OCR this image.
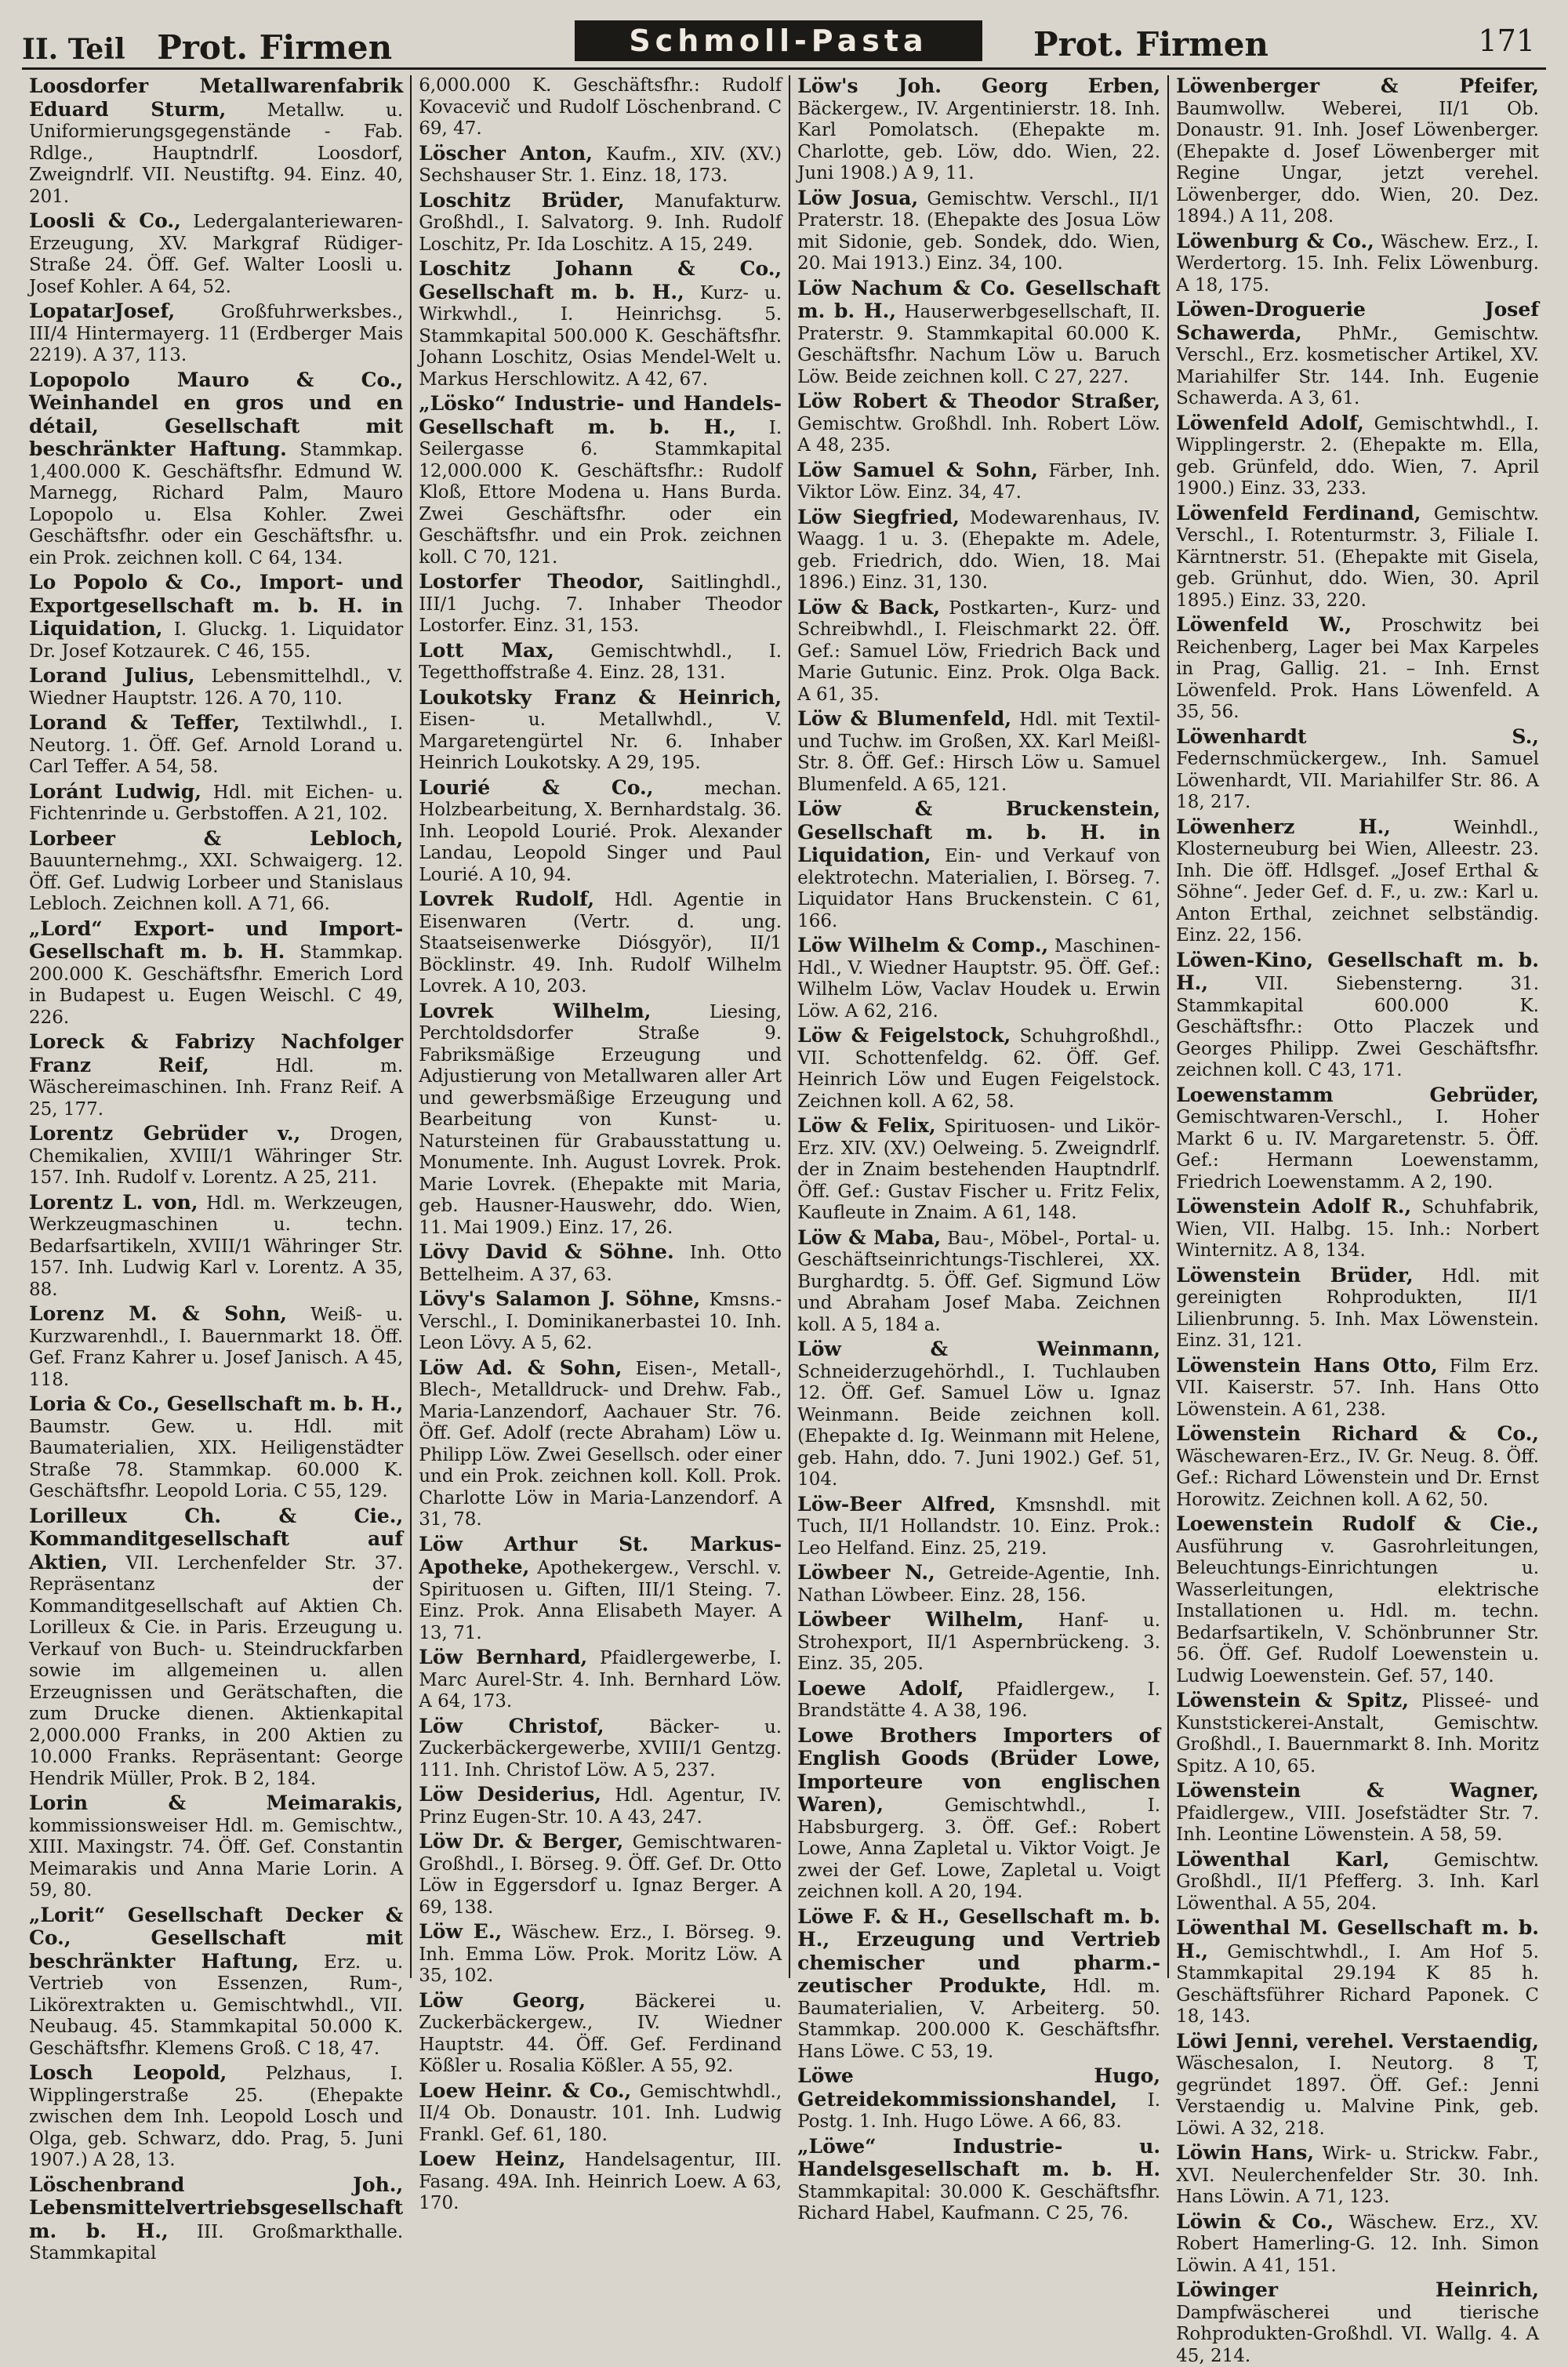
II. Teil Prot. Firmen	Schmoll-Pasta	Prot. Firmen	171

Loosdorfer Metallwarenfabrik Eduard Sturm, Metallw. u. Uniformierungsgegenstände - Fab. Rdlge., Hauptndrlf. Loosdorf, Zweigndrlf. VII. Neustiftg. 94. Einz. 40, 201.

Loosli & Co., Ledergalanteriewaren-Erzeugung, XV. Markgraf Rüdiger-Straße 24. Öff. Gef. Walter Loosli u. Josef Kohler. A 64, 52.

LopatarJosef,	Großfuhrwerksbes., III/4 Hintermayerg. 11 (Erdberger Mais 2219). A 37, 113.

Lopopolo Mauro & Co., Weinhandel en gros und en détail, Gesellschaft mit beschränkter Haftung. Stammkap. 1,400.000 K. Geschäftsfhr. Edmund W. Marnegg, Richard Palm, Mauro Lopopolo u. Elsa Kohler. Zwei Geschäftsfhr. oder ein Geschäftsfhr. u. ein Prok. zeichnen koll. C 64, 134.

Lo Popolo & Co., Import- und Exportgesellschaft m. b. H. in Liquidation, I. Gluckg. 1. Liquidator Dr. Josef Kotzaurek. C 46, 155.

Lorand Julius, Lebensmittelhdl., V. Wiedner Hauptstr. 126. A 70, 110.

Lorand & Teffer, Textilwhdl., I. Neutorg. 1. Öff. Gef. Arnold Lorand u. Carl Teffer. A 54, 58.

Loránt Ludwig, Hdl. mit Eichen- u. Fichtenrinde u. Gerbstoffen. A 21, 102.

Lorbeer & Lebloch, Bauunternehmg., XXI. Schwaigerg. 12. Öff. Gef. Ludwig Lorbeer und Stanislaus Lebloch. Zeichnen koll. A 71, 66.

„Lord“ Export- und Import-Gesellschaft m. b. H. Stammkap. 200.000 K. Geschäftsfhr. Emerich Lord in Budapest u. Eugen Weischl. C 49, 226.

Loreck & Fabrizy Nachfolger Franz Reif,	Hdl. m. Wäschereimaschinen. Inh. Franz Reif. A 25, 177.

Lorentz Gebrüder v., Drogen, Chemikalien, XVIII/1 Währinger Str. 157. Inh. Rudolf v. Lorentz. A 25, 211.

Lorentz L. von, Hdl. m. Werkzeugen, Werkzeugmaschinen u. techn. Bedarfsartikeln, XVIII/1 Währinger Str. 157. Inh. Ludwig Karl v. Lorentz. A 35, 88.

Lorenz M. & Sohn, Weiß- u. Kurzwarenhdl., I. Bauernmarkt 18. Öff. Gef. Franz Kahrer u. Josef Janisch. A 45, 118.

Loria & Co., Gesellschaft m. b. H., Baumstr. Gew. u. Hdl. mit Baumaterialien, XIX. Heiligenstädter Straße 78. Stammkap. 60.000 K. Geschäftsfhr. Leopold Loria. C 55, 129.

Lorilleux Ch. & Cie., Kommanditgesellschaft auf Aktien, VII. Lerchenfelder Str. 37. Repräsentanz der Kommanditgesellschaft auf Aktien Ch. Lorilleux & Cie. in Paris. Erzeugung u. Verkauf von Buch- u. Steindruckfarben sowie im allgemeinen u. allen Erzeugnissen und Gerätschaften, die zum Drucke dienen. Aktienkapital 2,000.000 Franks, in 200 Aktien zu 10.000 Franks. Repräsentant: George Hendrik Müller, Prok. B 2, 184.

Lorin & Meimarakis, kommissionsweiser Hdl. m. Gemischtw., XIII. Maxingstr. 74. Öff. Gef. Constantin Meimarakis und Anna Marie Lorin. A 59, 80.

„Lorit“ Gesellschaft Decker & Co., Gesellschaft mit beschränkter Haftung, Erz. u. Vertrieb von Essenzen, Rum-, Likörextrakten u. Gemischtwhdl., VII. Neubaug. 45. Stammkapital 50.000 K. Geschäftsfhr. Klemens Groß. C 18, 47.

Losch Leopold, Pelzhaus, I. Wipplingerstraße 25. (Ehepakte zwischen dem Inh. Leopold Losch und Olga, geb. Schwarz, ddo. Prag, 5. Juni 1907.) A 28, 13.

Löschenbrand Joh., Lebensmittelvertriebsgesellschaft m. b. H., III. Großmarkthalle. Stammkapital

6,000.000 K. Geschäftsfhr.: Rudolf Kovacevič und Rudolf Löschenbrand. C 69, 47.

Löscher Anton, Kaufm., XIV. (XV.) Sechshauser Str. 1. Einz. 18, 173.

Loschitz Brüder, Manufakturw. Großhdl., I. Salvatorg. 9. Inh. Rudolf Loschitz, Pr. Ida Loschitz. A 15, 249.

Loschitz Johann & Co., Gesellschaft m. b. H., Kurz- u. Wirkwhdl., I. Heinrichsg. 5. Stammkapital 500.000 K. Geschäftsfhr. Johann Loschitz, Osias Mendel-Welt u. Markus Herschlowitz. A 42, 67.

„Lösko“ Industrie- und Handels-Gesellschaft m. b. H., I. Seilergasse 6. Stammkapital 12,000.000 K. Geschäftsfhr.: Rudolf Kloß, Ettore Modena u. Hans Burda. Zwei Geschäftsfhr. oder ein Geschäftsfhr. und ein Prok. zeichnen koll. C 70, 121.

Lostorfer Theodor, Saitlinghdl., III/1 Juchg. 7. Inhaber Theodor Lostorfer. Einz. 31, 153.

Lott Max, Gemischtwhdl., I. Tegetthoffstraße 4. Einz. 28, 131.

Loukotsky Franz & Heinrich, Eisen- u. Metallwhdl., V. Margaretengürtel Nr. 6. Inhaber Heinrich Loukotsky. A 29, 195.

Lourié & Co.,	mechan. Holzbearbeitung, X. Bernhardstalg. 36. Inh. Leopold Lourié. Prok. Alexander Landau, Leopold Singer und Paul Lourié. A 10, 94.

Lovrek Rudolf, Hdl. Agentie in Eisenwaren (Vertr. d. ung. Staatseisenwerke Diósgyör), II/1 Böcklinstr. 49. Inh. Rudolf Wilhelm Lovrek. A 10, 203.

Lovrek Wilhelm,	Liesing, Perchtoldsdorfer Straße 9. Fabriksmäßige Erzeugung und Adjustierung von Metallwaren aller Art und gewerbsmäßige Erzeugung und Bearbeitung von Kunst- u. Natursteinen für Grabausstattung u. Monumente. Inh. August Lovrek. Prok. Marie Lovrek. (Ehepakte mit Maria, geb. Hausner-Hauswehr, ddo. Wien, 11. Mai 1909.) Einz. 17, 26.

Lövy David & Söhne. Inh. Otto Bettelheim. A 37, 63.

Lövy's Salamon J. Söhne, Kmsns.-Verschl., I. Dominikanerbastei 10. Inh. Leon Lövy. A 5, 62.

Löw Ad. & Sohn, Eisen-, Metall-, Blech-, Metalldruck- und Drehw. Fab., Maria-Lanzendorf, Aachauer Str. 76. Öff. Gef. Adolf (recte Abraham) Löw u. Philipp Löw. Zwei Gesellsch. oder einer und ein Prok. zeichnen koll. Koll. Prok. Charlotte Löw in Maria-Lanzendorf. A 31, 78.

Löw Arthur St. Markus-Apotheke, Apothekergew., Verschl. v. Spirituosen u. Giften, III/1 Steing. 7. Einz. Prok. Anna Elisabeth Mayer. A 13, 71.

Löw Bernhard, Pfaidlergewerbe, I. Marc Aurel-Str. 4. Inh. Bernhard Löw. A 64, 173.

Löw Christof, Bäcker- u. Zuckerbäckergewerbe, XVIII/1 Gentzg. 111. Inh. Christof Löw. A 5, 237.

Löw Desiderius, Hdl. Agentur, IV. Prinz Eugen-Str. 10. A 43, 247.

Löw Dr. & Berger, Gemischtwaren-Großhdl., I. Börseg. 9. Öff. Gef. Dr. Otto Löw in Eggersdorf u. Ignaz Berger. A 69, 138.

Löw E., Wäschew. Erz., I. Börseg. 9. Inh. Emma Löw. Prok. Moritz Löw. A 35, 102.

Löw Georg,	Bäckerei u. Zuckerbäckergew., IV. Wiedner Hauptstr. 44. Öff. Gef. Ferdinand Kößler u. Rosalia Kößler. A 55, 92.

Loew Heinr. & Co., Gemischtwhdl., II/4 Ob. Donaustr. 101. Inh. Ludwig Frankl. Gef. 61, 180.

Loew Heinz, Handelsagentur, III. Fasang. 49A. Inh. Heinrich Loew. A 63, 170.

Löw's Joh. Georg Erben, Bäckergew., IV. Argentinierstr. 18. Inh. Karl Pomolatsch. (Ehepakte m. Charlotte, geb. Löw, ddo. Wien, 22. Juni 1908.) A 9, 11.

Löw Josua, Gemischtw. Verschl., II/1 Praterstr. 18. (Ehepakte des Josua Löw mit Sidonie, geb. Sondek, ddo. Wien, 20. Mai 1913.) Einz. 34, 100.

Löw Nachum & Co. Gesellschaft m. b. H., Hauserwerbgesellschaft, II. Praterstr. 9. Stammkapital 60.000 K. Geschäftsfhr. Nachum Löw u. Baruch Löw. Beide zeichnen koll. C 27, 227.

Löw Robert & Theodor Straßer, Gemischtw. Großhdl. Inh. Robert Löw. A 48, 235.

Löw Samuel & Sohn, Färber, Inh. Viktor Löw. Einz. 34, 47.

Löw Siegfried, Modewarenhaus, IV. Waagg. 1 u. 3. (Ehepakte m. Adele, geb. Friedrich, ddo. Wien, 18. Mai 1896.) Einz. 31, 130.

Löw & Back, Postkarten-, Kurz- und Schreibwhdl., I. Fleischmarkt 22. Öff. Gef.: Samuel Löw, Friedrich Back und Marie Gutunic. Einz. Prok. Olga Back. A 61, 35.

Löw & Blumenfeld, Hdl. mit Textil- und Tuchw. im Großen, XX. Karl Meißl-Str. 8. Öff. Gef.: Hirsch Löw u. Samuel Blumenfeld. A 65, 121.

Löw & Bruckenstein, Gesellschaft m. b. H. in Liquidation, Ein- und Verkauf von elektrotechn. Materialien, I. Börseg. 7. Liquidator Hans Bruckenstein. C 61, 166.

Löw Wilhelm & Comp., Maschinen-Hdl., V. Wiedner Hauptstr. 95. Öff. Gef.: Wilhelm Löw, Vaclav Houdek u. Erwin Löw. A 62, 216.

Löw & Feigelstock, Schuhgroßhdl., VII. Schottenfeldg. 62. Öff. Gef. Heinrich Löw und Eugen Feigelstock. Zeichnen koll. A 62, 58.

Löw & Felix, Spirituosen- und Likör-Erz. XIV. (XV.) Oelweing. 5. Zweigndrlf. der in Znaim bestehenden Hauptndrlf. Öff. Gef.: Gustav Fischer u. Fritz Felix, Kaufleute in Znaim. A 61, 148.

Löw & Maba, Bau-, Möbel-, Portal- u. Geschäftseinrichtungs-Tischlerei, XX. Burghardtg. 5. Öff. Gef. Sigmund Löw und Abraham Josef Maba. Zeichnen koll. A 5, 184 a.

Löw & Weinmann, Schneiderzugehörhdl., I. Tuchlauben 12. Öff. Gef. Samuel Löw u. Ignaz Weinmann. Beide zeichnen koll. (Ehepakte d. Ig. Weinmann mit Helene, geb. Hahn, ddo. 7. Juni 1902.) Gef. 51, 104.

Löw-Beer Alfred, Kmsnshdl. mit Tuch, II/1 Hollandstr. 10. Einz. Prok.: Leo Helfand. Einz. 25, 219.

Löwbeer N., Getreide-Agentie, Inh. Nathan Löwbeer. Einz. 28, 156.

Löwbeer Wilhelm, Hanf- u. Strohexport, II/1 Aspernbrückeng. 3. Einz. 35, 205.

Loewe Adolf, Pfaidlergew., I. Brandstätte 4. A 38, 196.

Lowe Brothers Importers of English Goods (Brüder Lowe, Importeure von englischen Waren),	Gemischtwhdl., I. Habsburgerg. 3. Öff. Gef.: Robert Lowe, Anna Zapletal u. Viktor Voigt. Je zwei der Gef. Lowe, Zapletal u. Voigt zeichnen koll. A 20, 194.

Löwe F. & H., Gesellschaft m. b. H., Erzeugung und Vertrieb chemischer und pharm.-zeutischer Produkte, Hdl. m. Baumaterialien, V. Arbeiterg. 50. Stammkap. 200.000 K. Geschäftsfhr. Hans Löwe. C 53, 19.

Löwe Hugo, Getreidekommissionshandel, I. Postg. 1. Inh. Hugo Löwe. A 66, 83.

„Löwe“ Industrie- u. Handelsgesellschaft m. b. H. Stammkapital: 30.000 K. Geschäftsfhr. Richard Habel, Kaufmann. C 25, 76.

Löwenberger & Pfeifer, Baumwollw. Weberei, II/1 Ob. Donaustr. 91. Inh. Josef Löwenberger. (Ehepakte d. Josef Löwenberger mit Regine Ungar, jetzt verehel. Löwenberger, ddo. Wien, 20. Dez. 1894.) A 11, 208.

Löwenburg & Co., Wäschew. Erz., I. Werdertorg. 15. Inh. Felix Löwenburg. A 18, 175.

Löwen-Droguerie Josef Schawerda, PhMr., Gemischtw. Verschl., Erz. kosmetischer Artikel, XV. Mariahilfer Str. 144. Inh. Eugenie Schawerda. A 3, 61.

Löwenfeld Adolf, Gemischtwhdl., I. Wipplingerstr. 2. (Ehepakte m. Ella, geb. Grünfeld, ddo. Wien, 7. April 1900.) Einz. 33, 233.

Löwenfeld Ferdinand, Gemischtw. Verschl., I. Rotenturmstr. 3, Filiale I. Kärntnerstr. 51. (Ehepakte mit Gisela, geb. Grünhut, ddo. Wien, 30. April 1895.) Einz. 33, 220.

Löwenfeld W., Proschwitz bei Reichenberg, Lager bei Max Karpeles in Prag, Gallig. 21. – Inh. Ernst Löwenfeld. Prok. Hans Löwenfeld. A 35, 56.

Löwenhardt S., Federnschmückergew., Inh. Samuel Löwenhardt, VII. Mariahilfer Str. 86. A 18, 217.

Löwenherz H.,	Weinhdl., Klosterneuburg bei Wien, Alleestr. 23. Inh. Die öff. Hdlsgef. „Josef Erthal & Söhne“. Jeder Gef. d. F., u. zw.: Karl u. Anton Erthal, zeichnet selbständig. Einz. 22, 156.

Löwen-Kino, Gesellschaft m. b. H.,	VII. Siebensterng. 31. Stammkapital 600.000 K. Geschäftsfhr.: Otto Placzek und Georges Philipp. Zwei Geschäftsfhr. zeichnen koll. C 43, 171.

Loewenstamm Gebrüder, Gemischtwaren-Verschl., I. Hoher Markt 6 u. IV. Margaretenstr. 5. Öff. Gef.: Hermann Loewenstamm, Friedrich Loewenstamm. A 2, 190.

Löwenstein Adolf R., Schuhfabrik, Wien, VII. Halbg. 15. Inh.: Norbert Winternitz. A 8, 134.

Löwenstein Brüder, Hdl. mit gereinigten Rohprodukten, II/1 Lilienbrunng. 5. Inh. Max Löwenstein. Einz. 31, 121.

Löwenstein Hans Otto, Film Erz. VII. Kaiserstr. 57. Inh. Hans Otto Löwenstein. A 61, 238.

Löwenstein Richard & Co., Wäschewaren-Erz., IV. Gr. Neug. 8. Öff. Gef.: Richard Löwenstein und Dr. Ernst Horowitz. Zeichnen koll. A 62, 50.

Loewenstein Rudolf & Cie., Ausführung v. Gasrohrleitungen, Beleuchtungs-Einrichtungen u. Wasserleitungen, elektrische Installationen u. Hdl. m. techn. Bedarfsartikeln, V. Schönbrunner Str. 56. Öff. Gef. Rudolf Loewenstein u. Ludwig Loewenstein. Gef. 57, 140.

Löwenstein & Spitz, Plisseé- und Kunststickerei-Anstalt, Gemischtw. Großhdl., I. Bauernmarkt 8. Inh. Moritz Spitz. A 10, 65.

Löwenstein & Wagner, Pfaidlergew., VIII. Josefstädter Str. 7. Inh. Leontine Löwenstein. A 58, 59.

Löwenthal Karl, Gemischtw. Großhdl., II/1 Pfefferg. 3. Inh. Karl Löwenthal. A 55, 204.

Löwenthal M. Gesellschaft m. b. H., Gemischtwhdl., I. Am Hof 5. Stammkapital 29.194 K 85 h. Geschäftsführer Richard Paponek. C 18, 143.

Löwi Jenni, verehel. Verstaendig, Wäschesalon, I. Neutorg. 8 T, gegründet 1897. Öff. Gef.: Jenni Verstaendig u. Malvine Pink, geb. Löwi. A 32, 218.

Löwin Hans, Wirk- u. Strickw. Fabr., XVI. Neulerchenfelder Str. 30. Inh. Hans Löwin. A 71, 123.

Löwin & Co., Wäschew. Erz., XV. Robert Hamerling-G. 12. Inh. Simon Löwin. A 41, 151.

Löwinger Heinrich, Dampfwäscherei und tierische Rohprodukten-Großhdl. VI. Wallg. 4. A 45, 214.
